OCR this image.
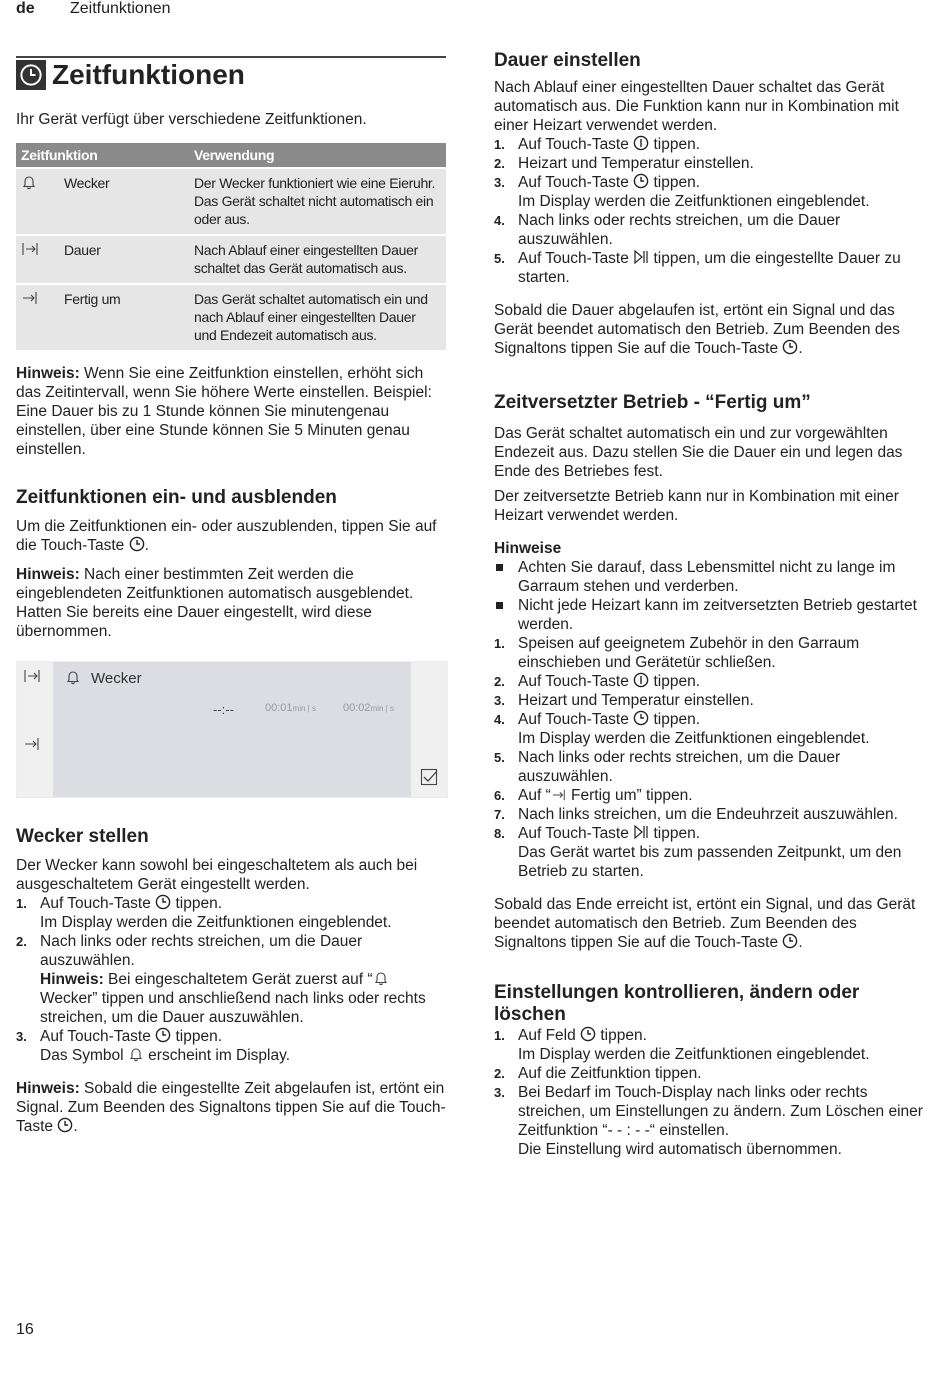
de Zeitfunktionen
Zeitfunktionen

Ihr Gerät verfügt über verschiedene Zeitfunktionen.

Zeitfunktion		Verwendung
	Wecker	Der Wecker funktioniert wie eine Eieruhr. Das Gerät schaltet nicht automatisch ein oder aus.
	Dauer	Nach Ablauf einer eingestellten Dauer schaltet das Gerät automatisch aus.
	Fertig um	Das Gerät schaltet automatisch ein und nach Ablauf einer eingestellten Dauer und Endezeit automatisch aus.

Hinweis: Wenn Sie eine Zeitfunktion einstellen, erhöht sich das Zeitintervall, wenn Sie höhere Werte einstellen. Beispiel: Eine Dauer bis zu 1 Stunde können Sie minutengenau einstellen, über eine Stunde können Sie 5 Minuten genau einstellen.

Zeitfunktionen ein- und ausblenden

Um die Zeitfunktionen ein- oder auszublenden, tippen Sie auf die Touch-Taste .

Hinweis: Nach einer bestimmten Zeit werden die eingeblendeten Zeitfunktionen automatisch ausgeblendet. Hatten Sie bereits eine Dauer eingestellt, wird diese übernommen.

Wecker
--:--	00:01min | s 00:02min | s
Wecker stellen

Der Wecker kann sowohl bei eingeschaltetem als auch bei ausgeschaltetem Gerät eingestellt werden.

1. Auf Touch-Taste  tippen.
Im Display werden die Zeitfunktionen eingeblendet.
2. Nach links oder rechts streichen, um die Dauer auszuwählen.
Hinweis: Bei eingeschaltetem Gerät zuerst auf “ Wecker” tippen und anschließend nach links oder rechts streichen, um die Dauer auszuwählen.
3. Auf Touch-Taste  tippen.
Das Symbol  erscheint im Display.

Hinweis: Sobald die eingestellte Zeit abgelaufen ist, ertönt ein Signal. Zum Beenden des Signaltons tippen Sie auf die Touch-Taste .

Dauer einstellen

Nach Ablauf einer eingestellten Dauer schaltet das Gerät automatisch aus. Die Funktion kann nur in Kombination mit einer Heizart verwendet werden.

1. Auf Touch-Taste  tippen.
2. Heizart und Temperatur einstellen.
3. Auf Touch-Taste  tippen.
Im Display werden die Zeitfunktionen eingeblendet.
4. Nach links oder rechts streichen, um die Dauer auszuwählen.
5. Auf Touch-Taste  tippen, um die eingestellte Dauer zu starten.

Sobald die Dauer abgelaufen ist, ertönt ein Signal und das Gerät beendet automatisch den Betrieb. Zum Beenden des Signaltons tippen Sie auf die Touch-Taste .

Zeitversetzter Betrieb - “Fertig um”

Das Gerät schaltet automatisch ein und zur vorgewählten Endezeit aus. Dazu stellen Sie die Dauer ein und legen das Ende des Betriebes fest.

Der zeitversetzte Betrieb kann nur in Kombination mit einer Heizart verwendet werden.

Hinweise

Achten Sie darauf, dass Lebensmittel nicht zu lange im Garraum stehen und verderben.
Nicht jede Heizart kann im zeitversetzten Betrieb gestartet werden.
1. Speisen auf geeignetem Zubehör in den Garraum einschieben und Gerätetür schließen.
2. Auf Touch-Taste  tippen.
3. Heizart und Temperatur einstellen.
4. Auf Touch-Taste  tippen.
Im Display werden die Zeitfunktionen eingeblendet.
5. Nach links oder rechts streichen, um die Dauer auszuwählen.
6. Auf “ Fertig um” tippen.
7. Nach links streichen, um die Endeuhrzeit auszuwählen.
8. Auf Touch-Taste  tippen.
Das Gerät wartet bis zum passenden Zeitpunkt, um den Betrieb zu starten.

Sobald das Ende erreicht ist, ertönt ein Signal, und das Gerät beendet automatisch den Betrieb. Zum Beenden des Signaltons tippen Sie auf die Touch-Taste .

Einstellungen kontrollieren, ändern oder löschen
1. Auf Feld  tippen.
Im Display werden die Zeitfunktionen eingeblendet.
2. Auf die Zeitfunktion tippen.
3. Bei Bedarf im Touch-Display nach links oder rechts streichen, um Einstellungen zu ändern. Zum Löschen einer Zeitfunktion “- - : - -“ einstellen.
Die Einstellung wird automatisch übernommen.
16
